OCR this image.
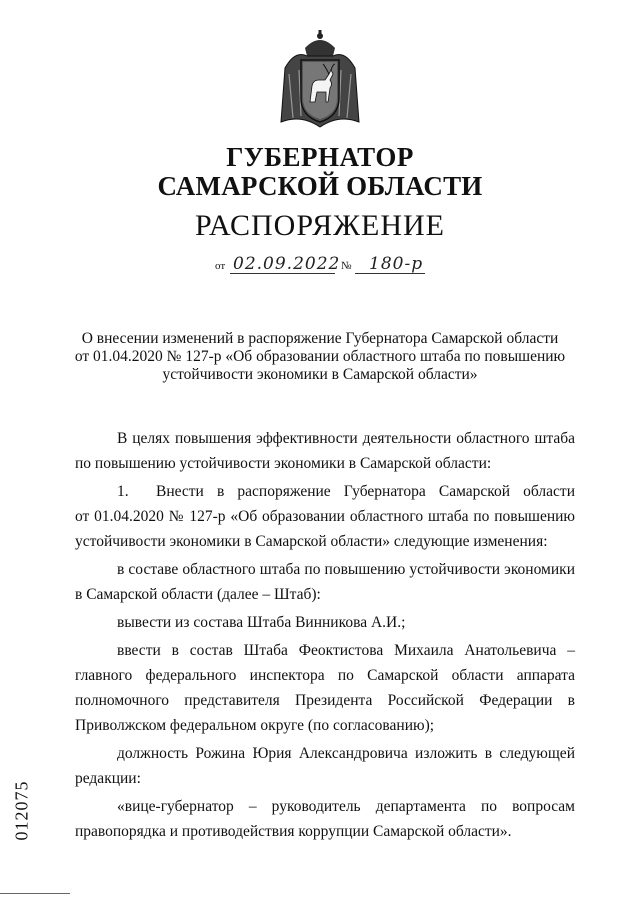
ГУБЕРНАТОР
САМАРСКОЙ ОБЛАСТИ
РАСПОРЯЖЕНИЕ
от 02.09.2022 № 180-р
О внесении изменений в распоряжение Губернатора Самарской области
от 01.04.2020 № 127-р «Об образовании областного штаба по повышению
устойчивости экономики в Самарской области»
В целях повышения эффективности деятельности областного штаба
по повышению устойчивости экономики в Самарской области:
1. Внести в распоряжение Губернатора Самарской области
от 01.04.2020 № 127-р «Об образовании областного штаба по повышению
устойчивости экономики в Самарской области» следующие изменения:
в составе областного штаба по повышению устойчивости экономики
в Самарской области (далее – Штаб):
вывести из состава Штаба Винникова А.И.;
ввести в состав Штаба Феоктистова Михаила Анатольевича –
главного федерального инспектора по Самарской области аппарата
полномочного представителя Президента Российской Федерации в
Приволжском федеральном округе (по согласованию);
должность Рожина Юрия Александровича изложить в следующей
редакции:
«вице-губернатор – руководитель департамента по вопросам
правопорядка и противодействия коррупции Самарской области».
012075
